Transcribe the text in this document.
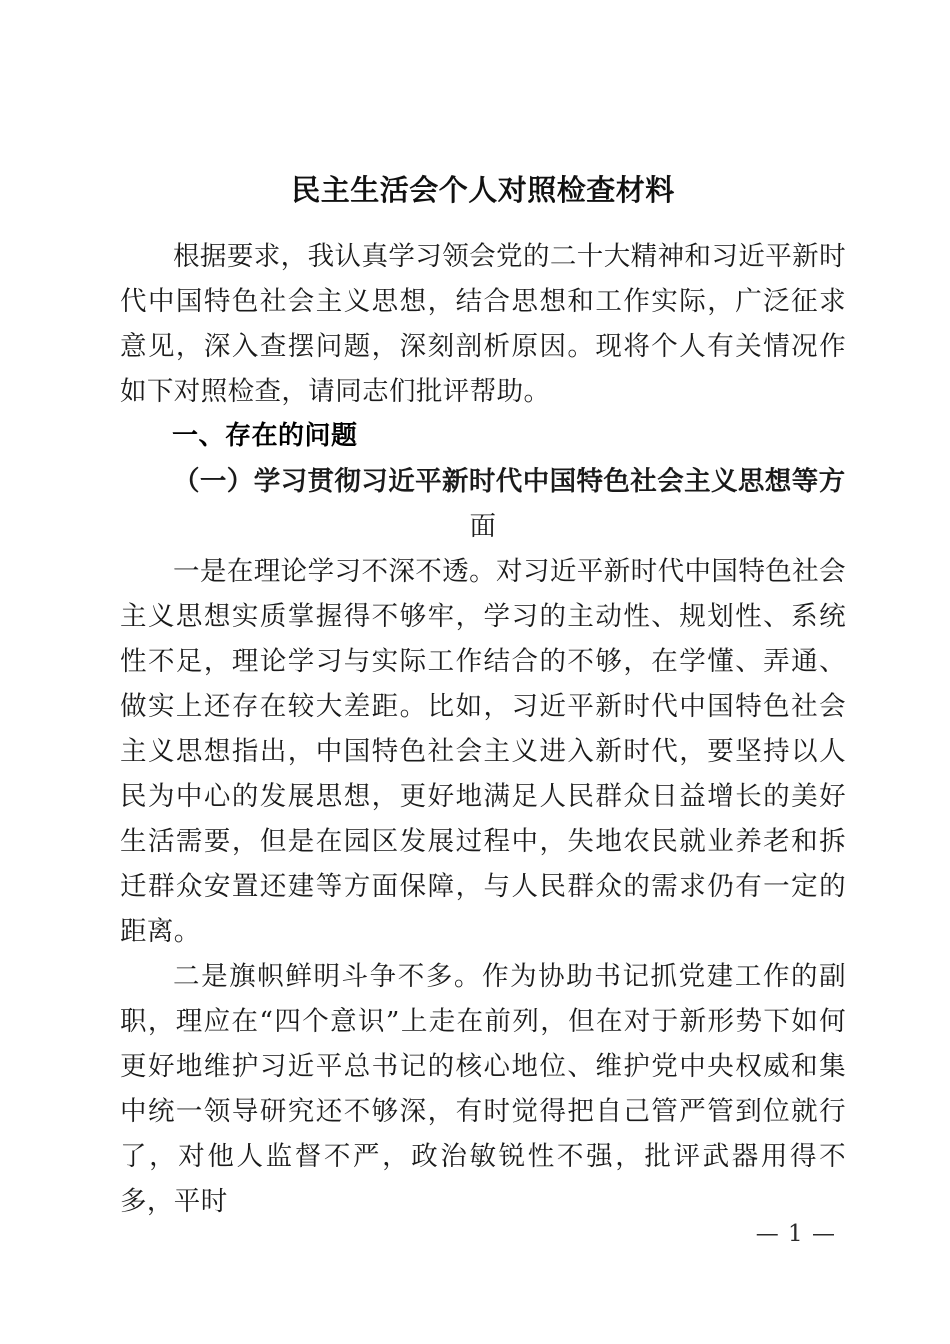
民主生活会个人对照检查材料

根据要求，我认真学习领会党的二十大精神和习近平新时代中国特色社会主义思想，结合思想和工作实际，广泛征求意见，深入查摆问题，深刻剖析原因。现将个人有关情况作如下对照检查，请同志们批评帮助。

一、存在的问题
（一）学习贯彻习近平新时代中国特色社会主义思想等方
面

一是在理论学习不深不透。对习近平新时代中国特色社会主义思想实质掌握得不够牢，学习的主动性、规划性、系统性不足，理论学习与实际工作结合的不够，在学懂、弄通、做实上还存在较大差距。比如，习近平新时代中国特色社会主义思想指出，中国特色社会主义进入新时代，要坚持以人民为中心的发展思想，更好地满足人民群众日益增长的美好生活需要，但是在园区发展过程中，失地农民就业养老和拆迁群众安置还建等方面保障，与人民群众的需求仍有一定的距离。

二是旗帜鲜明斗争不多。作为协助书记抓党建工作的副职，理应在“四个意识”上走在前列，但在对于新形势下如何更好地维护习近平总书记的核心地位、维护党中央权威和集中统一领导研究还不够深，有时觉得把自己管严管到位就行了，对他人监督不严，政治敏锐性不强，批评武器用得不多，平时

— 1 —
